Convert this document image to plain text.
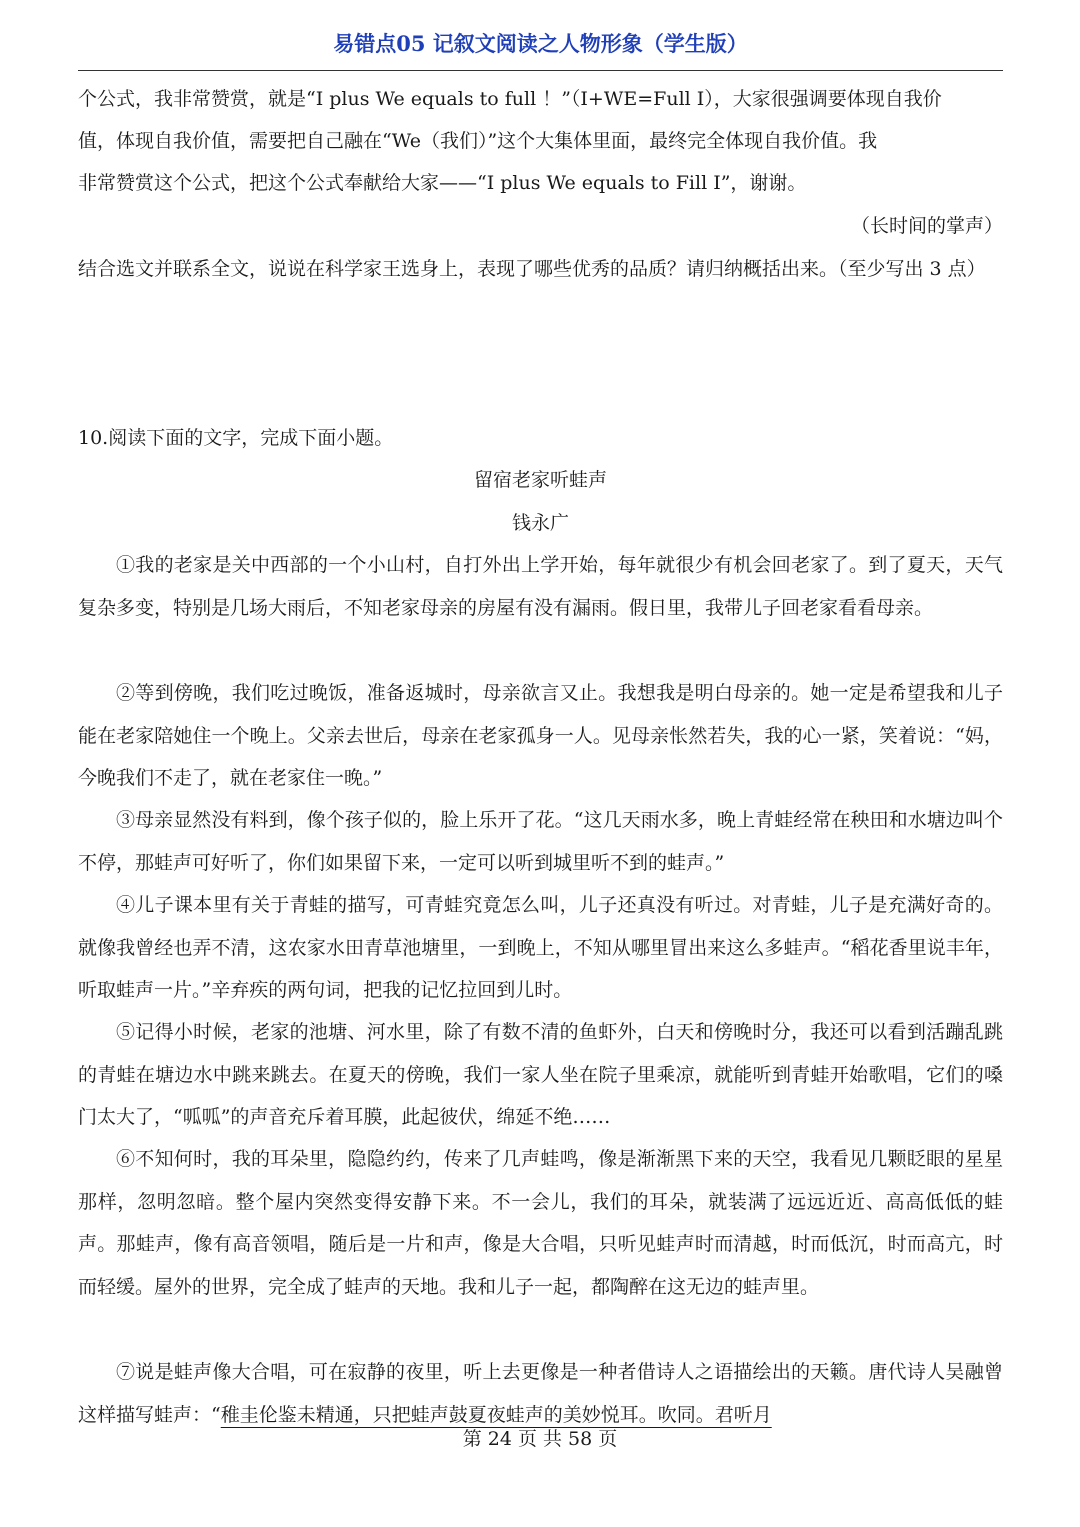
易错点05 记叙文阅读之人物形象（学生版）

个公式，我非常赞赏，就是“I plus We equals to full ！”（I+WE=Full I），大家很强调要体现自我价

值，体现自我价值，需要把自己融在“We（我们）”这个大集体里面，最终完全体现自我价值。我

非常赞赏这个公式，把这个公式奉献给大家——“I plus We equals to Fill I”，谢谢。

（长时间的掌声）

结合选文并联系全文，说说在科学家王选身上，表现了哪些优秀的品质？请归纳概括出来。（至少写出 3 点）

10.阅读下面的文字，完成下面小题。

留宿老家听蛙声

钱永广

①我的老家是关中西部的一个小山村，自打外出上学开始，每年就很少有机会回老家了。到了夏天，天气复杂多变，特别是几场大雨后，不知老家母亲的房屋有没有漏雨。假日里，我带儿子回老家看看母亲。

②等到傍晚，我们吃过晚饭，准备返城时，母亲欲言又止。我想我是明白母亲的。她一定是希望我和儿子能在老家陪她住一个晚上。父亲去世后，母亲在老家孤身一人。见母亲怅然若失，我的心一紧，笑着说：“妈，今晚我们不走了，就在老家住一晚。”

③母亲显然没有料到，像个孩子似的，脸上乐开了花。“这几天雨水多，晚上青蛙经常在秧田和水塘边叫个不停，那蛙声可好听了，你们如果留下来，一定可以听到城里听不到的蛙声。”

④儿子课本里有关于青蛙的描写，可青蛙究竟怎么叫，儿子还真没有听过。对青蛙，儿子是充满好奇的。就像我曾经也弄不清，这农家水田青草池塘里，一到晚上，不知从哪里冒出来这么多蛙声。“稻花香里说丰年，听取蛙声一片。”辛弃疾的两句词，把我的记忆拉回到儿时。

⑤记得小时候，老家的池塘、河水里，除了有数不清的鱼虾外，白天和傍晚时分，我还可以看到活蹦乱跳的青蛙在塘边水中跳来跳去。在夏天的傍晚，我们一家人坐在院子里乘凉，就能听到青蛙开始歌唱，它们的嗓门太大了，“呱呱”的声音充斥着耳膜，此起彼伏，绵延不绝……

⑥不知何时，我的耳朵里，隐隐约约，传来了几声蛙鸣，像是渐渐黑下来的天空，我看见几颗眨眼的星星那样，忽明忽暗。整个屋内突然变得安静下来。不一会儿，我们的耳朵，就装满了远远近近、高高低低的蛙声。那蛙声，像有高音领唱，随后是一片和声，像是大合唱，只听见蛙声时而清越，时而低沉，时而高亢，时而轻缓。屋外的世界，完全成了蛙声的天地。我和儿子一起，都陶醉在这无边的蛙声里。

⑦说是蛙声像大合唱，可在寂静的夜里，听上去更像是一种者借诗人之语描绘出的天籁。唐代诗人吴融曾这样描写蛙声：“稚圭伦鉴未精通，只把蛙声鼓夏夜蛙声的美妙悦耳。吹同。君听月

第 24 页 共 58 页
